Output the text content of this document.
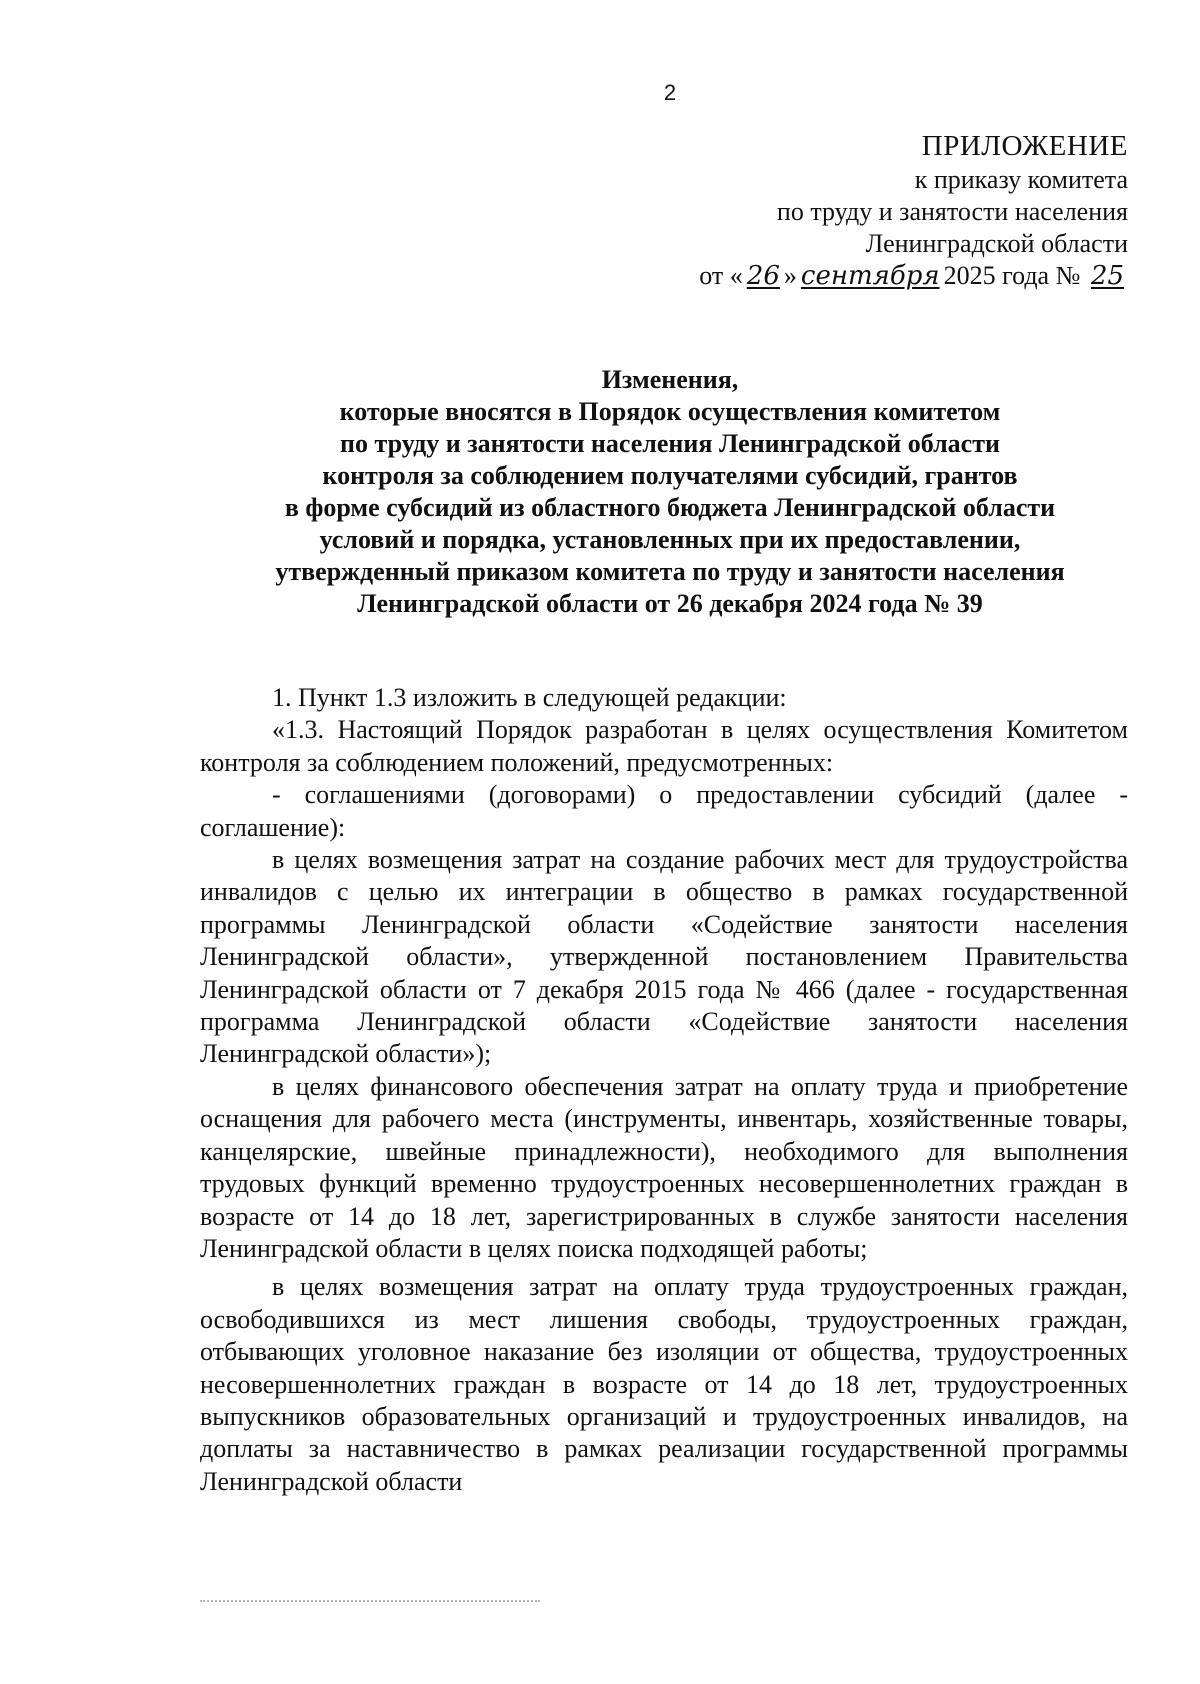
2
ПРИЛОЖЕНИЕ
к приказу комитета
по труду и занятости населения
Ленинградской области
от « 26 » сентября 2025 года № 25
Изменения,
которые вносятся в Порядок осуществления комитетом
по труду и занятости населения Ленинградской области
контроля за соблюдением получателями субсидий, грантов
в форме субсидий из областного бюджета Ленинградской области
условий и порядка, установленных при их предоставлении,
утвержденный приказом комитета по труду и занятости населения
Ленинградской области от 26 декабря 2024 года № 39

1. Пункт 1.3 изложить в следующей редакции:

«1.3. Настоящий Порядок разработан в целях осуществления Комитетом контроля за соблюдением положений, предусмотренных:

- соглашениями (договорами) о предоставлении субсидий (далее - соглашение):

в целях возмещения затрат на создание рабочих мест для трудоустройства инвалидов с целью их интеграции в общество в рамках государственной программы Ленинградской области «Содействие занятости населения Ленинградской области», утвержденной постановлением Правительства Ленинградской области от 7 декабря 2015 года № 466 (далее - государственная программа Ленинградской области «Содействие занятости населения Ленинградской области»);

в целях финансового обеспечения затрат на оплату труда и приобретение оснащения для рабочего места (инструменты, инвентарь, хозяйственные товары, канцелярские, швейные принадлежности), необходимого для выполнения трудовых функций временно трудоустроенных несовершеннолетних граждан в возрасте от 14 до 18 лет, зарегистрированных в службе занятости населения Ленинградской области в целях поиска подходящей работы;

в целях возмещения затрат на оплату труда трудоустроенных граждан, освободившихся из мест лишения свободы, трудоустроенных граждан, отбывающих уголовное наказание без изоляции от общества, трудоустроенных несовершеннолетних граждан в возрасте от 14 до 18 лет, трудоустроенных выпускников образовательных организаций и трудоустроенных инвалидов, на доплаты за наставничество в рамках реализации государственной программы Ленинградской области
